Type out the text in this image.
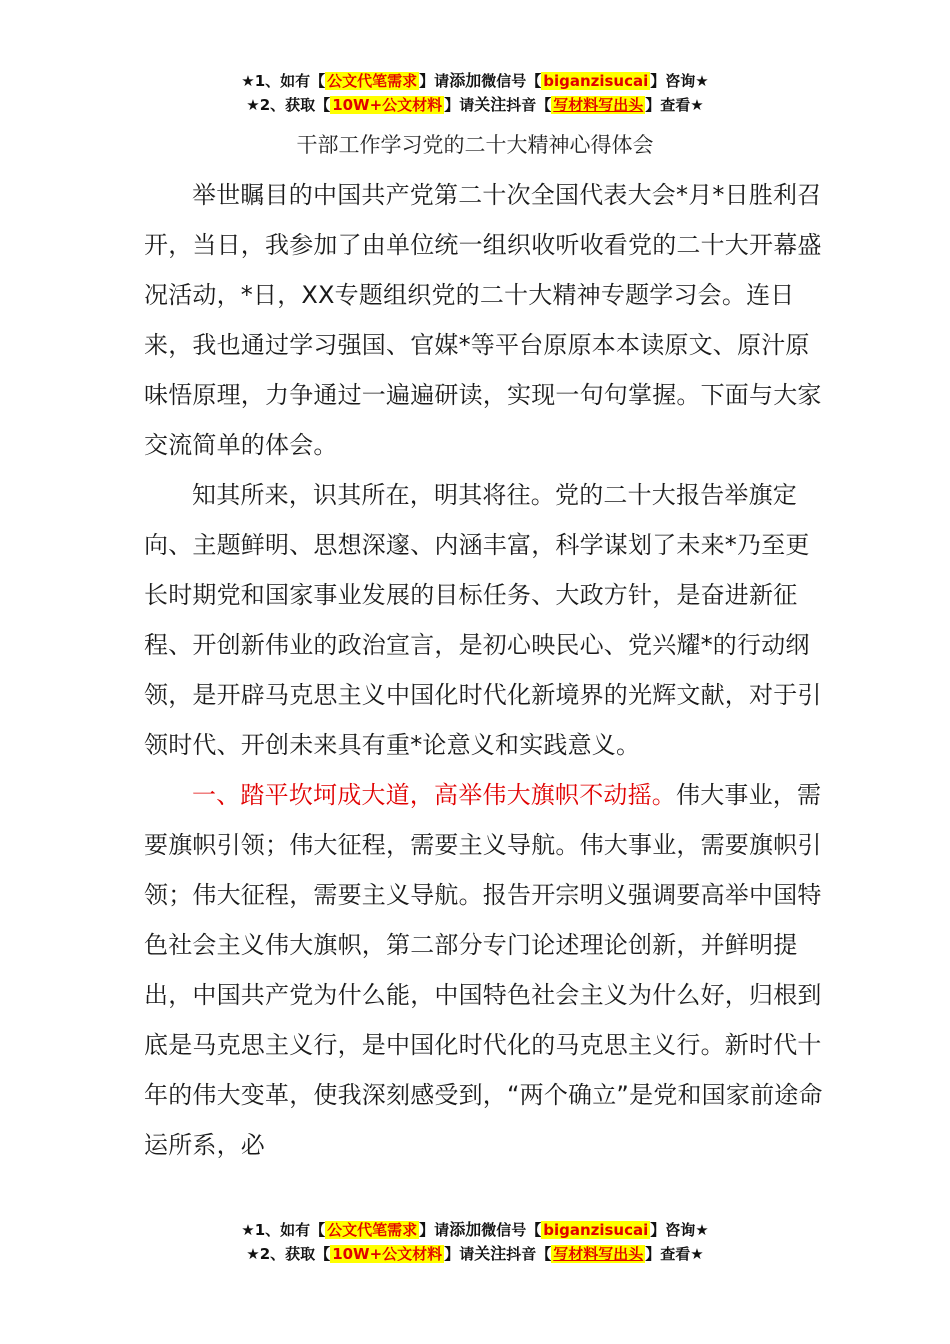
★1、如有【 公文代笔需求 】请添加微信号【 biganzisucai 】咨询★
★2、获取【 10W+公文材料 】请关注抖音【 写材料写出头 】查看★
干部工作学习党的二十大精神心得体会

举世瞩目的中国共产党第二十次全国代表大会*月*日胜利召开，当日，我参加了由单位统一组织收听收看党的二十大开幕盛况活动，*日，XX专题组织党的二十大精神专题学习会。连日来，我也通过学习强国、官媒*等平台原原本本读原文、原汁原味悟原理，力争通过一遍遍研读，实现一句句掌握。下面与大家交流简单的体会。

知其所来，识其所在，明其将往。党的二十大报告举旗定向、主题鲜明、思想深邃、内涵丰富，科学谋划了未来*乃至更长时期党和国家事业发展的目标任务、大政方针，是奋进新征程、开创新伟业的政治宣言，是初心映民心、党兴耀*的行动纲领，是开辟马克思主义中国化时代化新境界的光辉文献，对于引领时代、开创未来具有重*论意义和实践意义。

一、踏平坎坷成大道，高举伟大旗帜不动摇。伟大事业，需要旗帜引领；伟大征程，需要主义导航。伟大事业，需要旗帜引领；伟大征程，需要主义导航。报告开宗明义强调要高举中国特色社会主义伟大旗帜，第二部分专门论述理论创新，并鲜明提出，中国共产党为什么能，中国特色社会主义为什么好，归根到底是马克思主义行，是中国化时代化的马克思主义行。新时代十年的伟大变革，使我深刻感受到，“两个确立”是党和国家前途命运所系，必

★1、如有【 公文代笔需求 】请添加微信号【 biganzisucai 】咨询★
★2、获取【 10W+公文材料 】请关注抖音【 写材料写出头 】查看★
